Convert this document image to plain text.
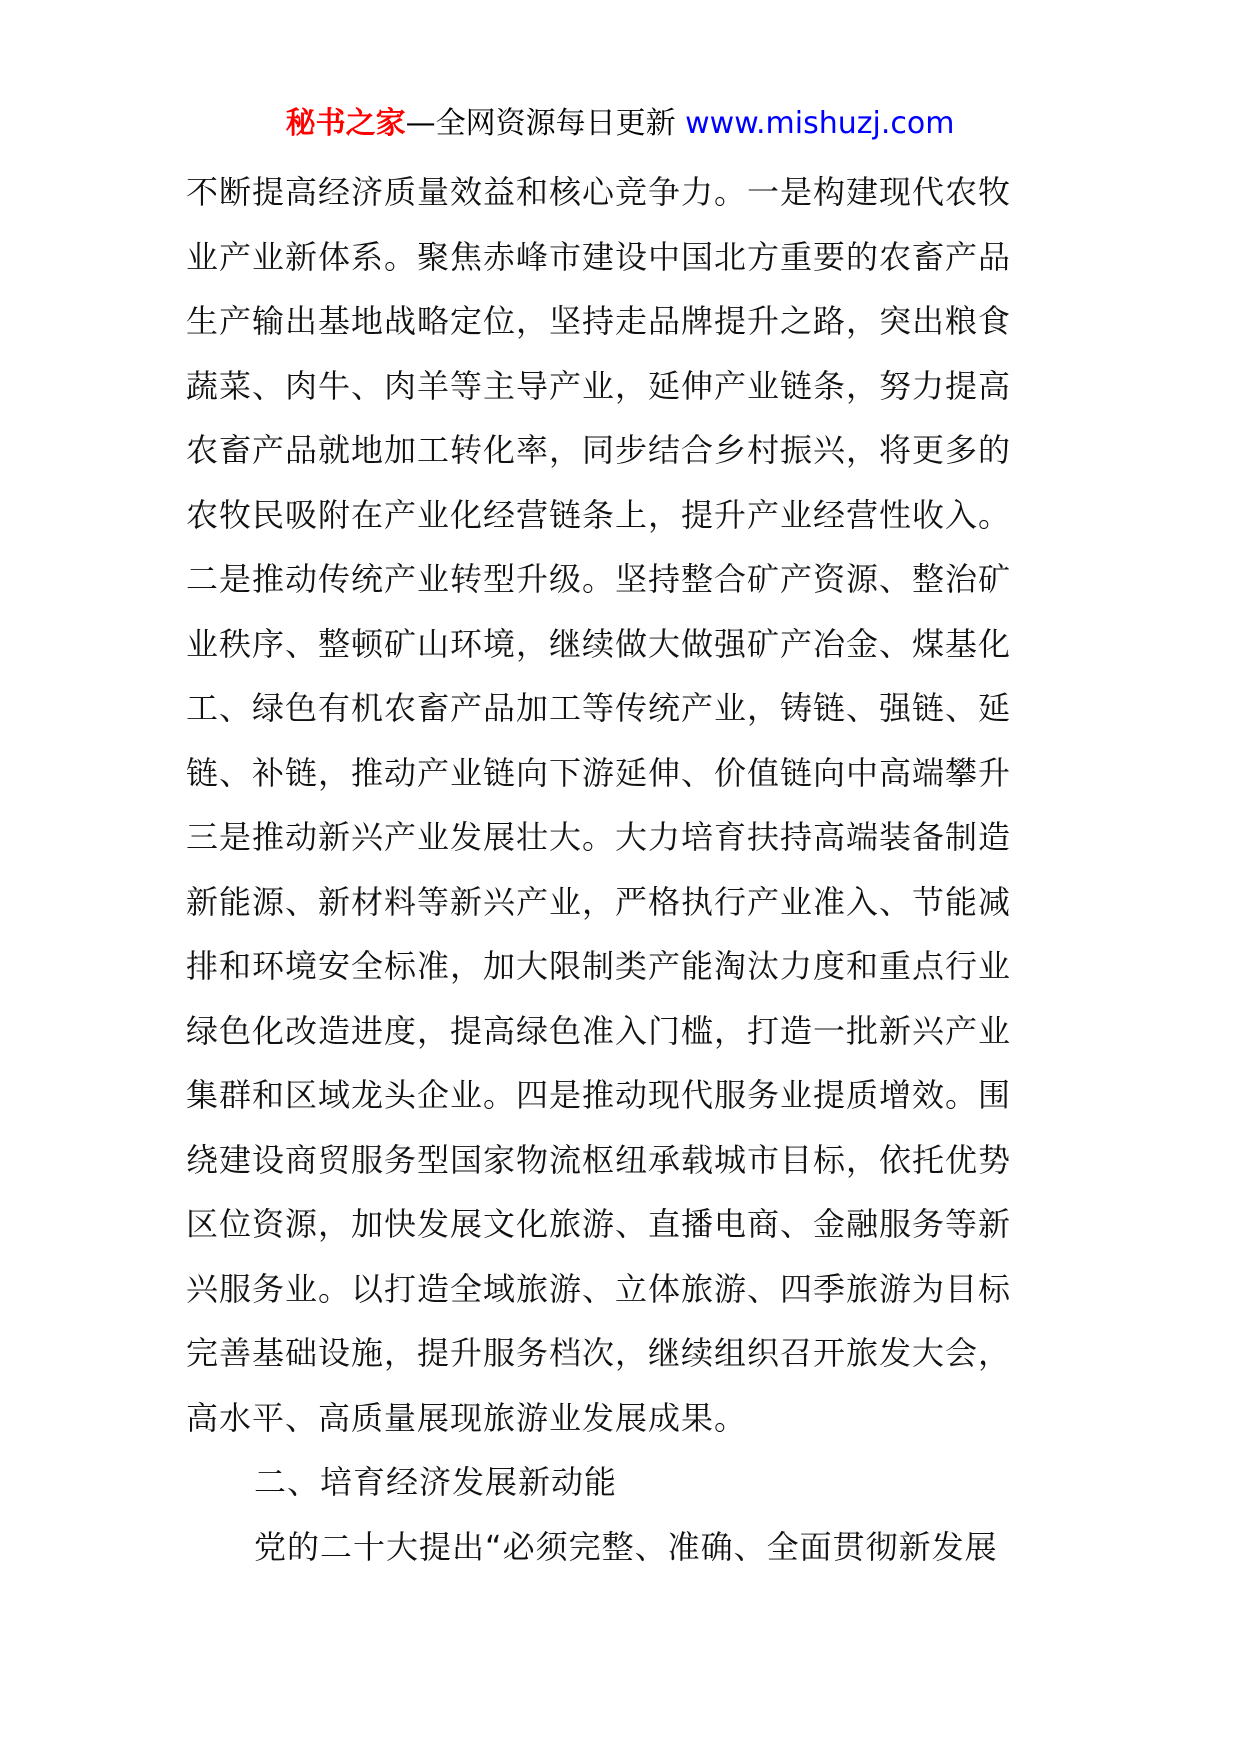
秘书之家—全网资源每日更新 www.mishuzj.com
不断提高经济质量效益和核心竞争力。一是构建现代农牧
业产业新体系。聚焦赤峰市建设中国北方重要的农畜产品
生产输出基地战略定位，坚持走品牌提升之路，突出粮食
蔬菜、肉牛、肉羊等主导产业，延伸产业链条，努力提高
农畜产品就地加工转化率，同步结合乡村振兴，将更多的
农牧民吸附在产业化经营链条上，提升产业经营性收入。
二是推动传统产业转型升级。坚持整合矿产资源、整治矿
业秩序、整顿矿山环境，继续做大做强矿产冶金、煤基化
工、绿色有机农畜产品加工等传统产业，铸链、强链、延
链、补链，推动产业链向下游延伸、价值链向中高端攀升
三是推动新兴产业发展壮大。大力培育扶持高端装备制造
新能源、新材料等新兴产业，严格执行产业准入、节能减
排和环境安全标准，加大限制类产能淘汰力度和重点行业
绿色化改造进度，提高绿色准入门槛，打造一批新兴产业
集群和区域龙头企业。四是推动现代服务业提质增效。围
绕建设商贸服务型国家物流枢纽承载城市目标，依托优势
区位资源，加快发展文化旅游、直播电商、金融服务等新
兴服务业。以打造全域旅游、立体旅游、四季旅游为目标
完善基础设施，提升服务档次，继续组织召开旅发大会，
高水平、高质量展现旅游业发展成果。
二、培育经济发展新动能
党的二十大提出“必须完整、准确、全面贯彻新发展
